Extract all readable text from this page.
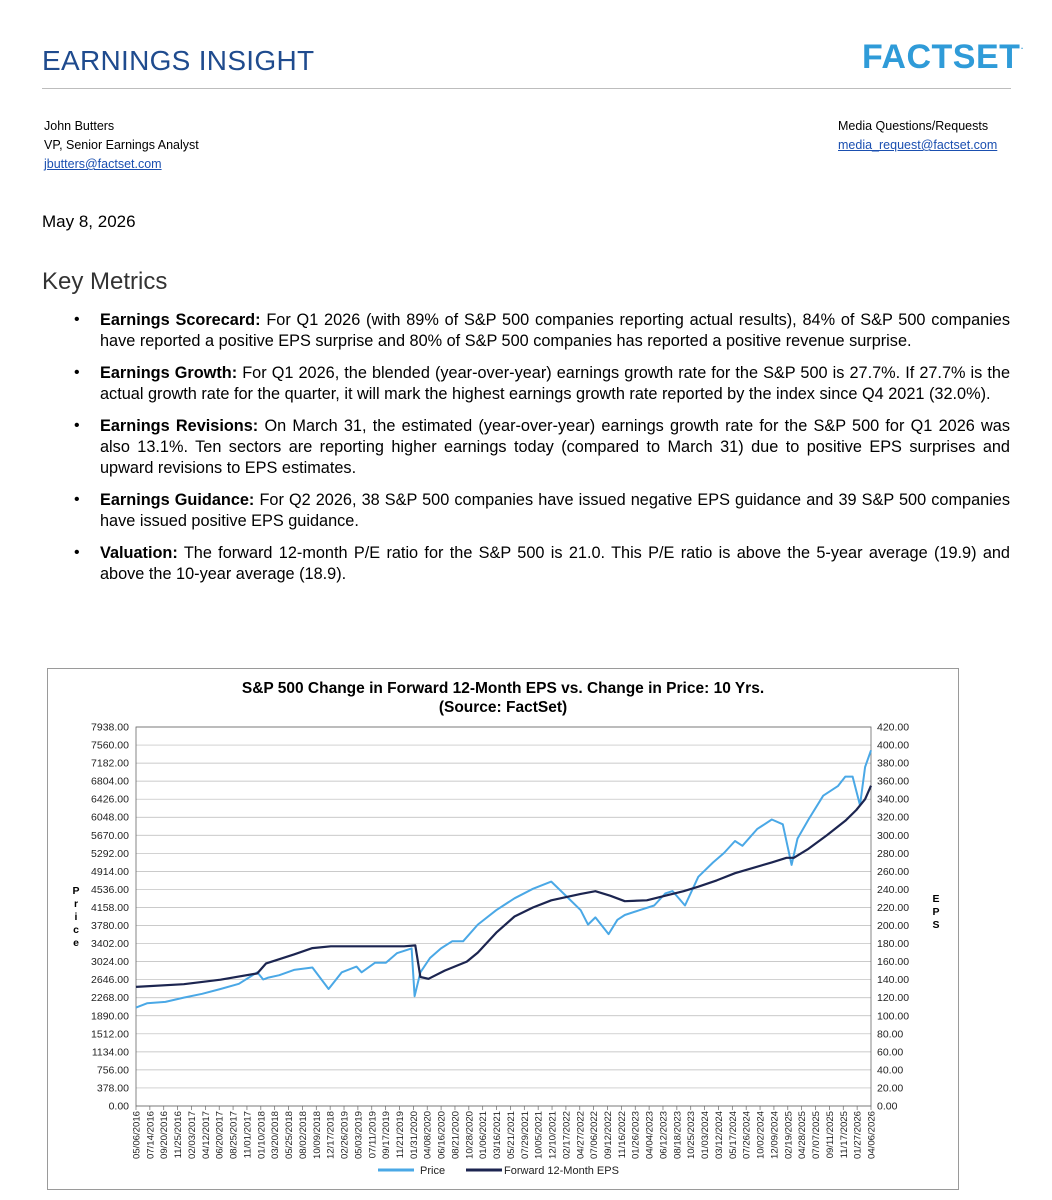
EARNINGS INSIGHT	FACTSET.
John Butters
VP, Senior Earnings Analyst
jbutters@factset.com
Media Questions/Requests
media_request@factset.com
May 8, 2026
Key Metrics
• Earnings Scorecard: For Q1 2026 (with 89% of S&P 500 companies reporting actual results), 84% of S&P 500 companies have reported a positive EPS surprise and 80% of S&P 500 companies has reported a positive revenue surprise.
• Earnings Growth: For Q1 2026, the blended (year-over-year) earnings growth rate for the S&P 500 is 27.7%. If 27.7% is the actual growth rate for the quarter, it will mark the highest earnings growth rate reported by the index since Q4 2021 (32.0%).
• Earnings Revisions: On March 31, the estimated (year-over-year) earnings growth rate for the S&P 500 for Q1 2026 was also 13.1%. Ten sectors are reporting higher earnings today (compared to March 31) due to positive EPS surprises and upward revisions to EPS estimates.
• Earnings Guidance: For Q2 2026, 38 S&P 500 companies have issued negative EPS guidance and 39 S&P 500 companies have issued positive EPS guidance.
• Valuation: The forward 12-month P/E ratio for the S&P 500 is 21.0. This P/E ratio is above the 5-year average (19.9) and above the 10-year average (18.9).
S&P 500 Change in Forward 12-Month EPS vs. Change in Price: 10 Yrs.
(Source: FactSet)
7938.00	420.00
7560.00	400.00
7182.00	380.00
6804.00	360.00
6426.00	340.00
6048.00	320.00
5670.00	300.00
5292.00	280.00
4914.00	260.00
4536.00	240.00
4158.00	220.00
3780.00	200.00
3402.00	180.00
3024.00	160.00
2646.00	140.00
2268.00	120.00
1890.00	100.00
1512.00	80.00
1134.00	60.00
756.00	40.00
378.00	20.00
0.00	0.00
P r i c e
E P S
05/06/2016 07/14/2016 09/20/2016 11/25/2016 02/03/2017 04/12/2017 06/20/2017 08/25/2017 11/01/2017 01/10/2018 03/20/2018 05/25/2018 08/02/2018 10/09/2018 12/17/2018 02/26/2019 05/03/2019 07/11/2019 09/17/2019 11/21/2019 01/31/2020 04/08/2020 06/16/2020 08/21/2020 10/28/2020 01/06/2021 03/16/2021 05/21/2021 07/29/2021 10/05/2021 12/10/2021 02/17/2022 04/27/2022 07/06/2022 09/12/2022 11/16/2022 01/26/2023 04/04/2023 06/12/2023 08/18/2023 10/25/2023 01/03/2024 03/12/2024 05/17/2024 07/26/2024 10/02/2024 12/09/2024 02/19/2025 04/28/2025 07/07/2025 09/11/2025 11/17/2025 01/27/2026 04/06/2026
Price	Forward 12-Month EPS
